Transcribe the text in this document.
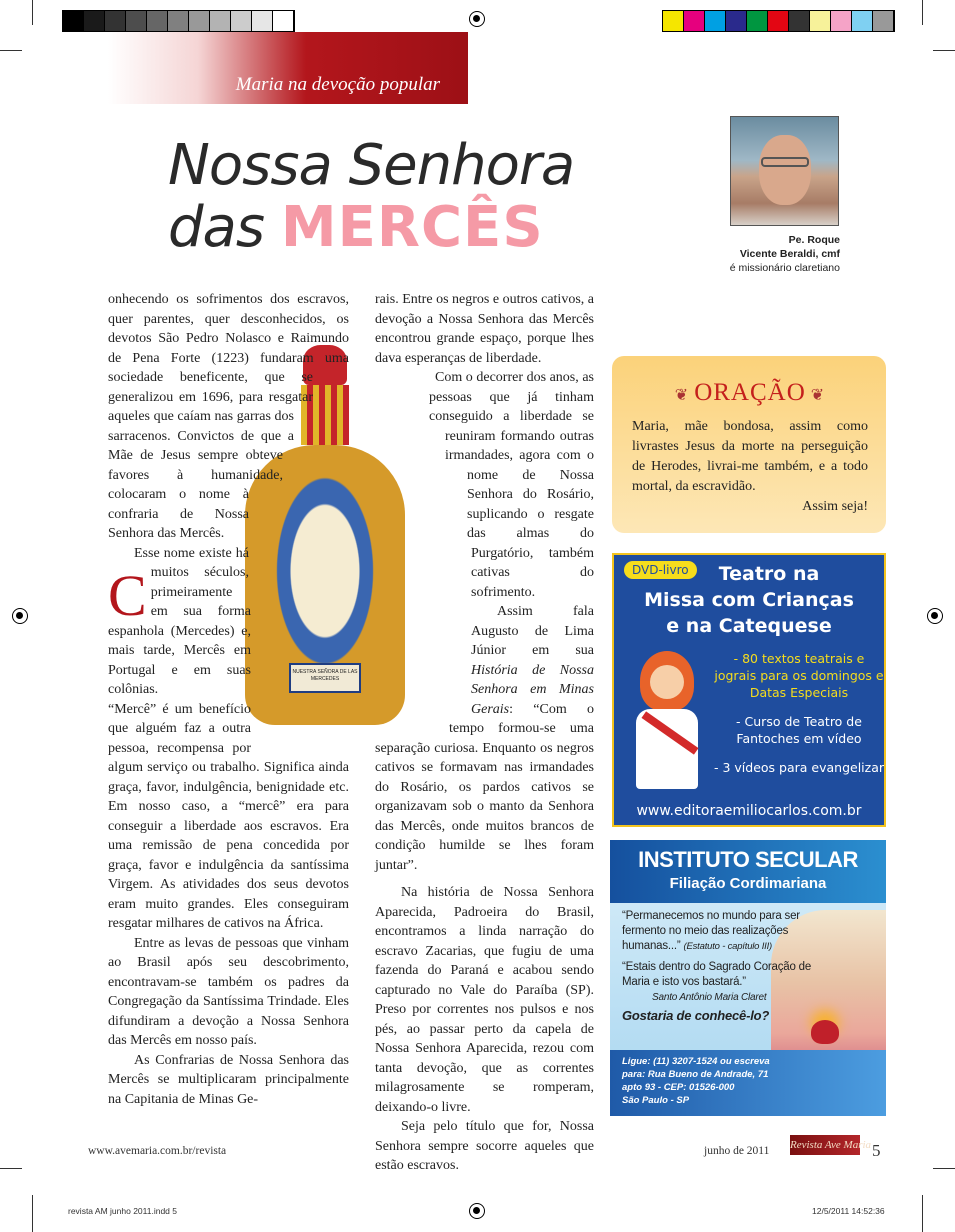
Maria na devoção popular
Nossa Senhora
das MERCÊS	Pe. Roque
Vicente Beraldi, cmf
é missionário claretiano
NUESTRA SEÑORA DE LAS MERCEDES

C
onhecendo os sofrimentos dos escravos, quer parentes, quer desconhecidos, os devotos São Pedro Nolasco e Raimundo de Pena Forte (1223) fundaram uma sociedade beneficente, que se generalizou em 1696, para resgatar aqueles que caíam nas garras dos sarracenos. Convictos de que a Mãe de Jesus sempre obteve favores à humanidade, colocaram o nome à confraria de Nossa Senhora das Mercês.

Esse nome existe há muitos séculos, primeiramente em sua forma espanhola (Mercedes) e, mais tarde, Mercês em Portugal e em suas colônias.

“Mercê” é um benefício que alguém faz a outra pessoa, recompensa por algum serviço ou trabalho. Significa ainda graça, favor, indulgência, benignidade etc. Em nosso caso, a “mercê” era para conseguir a liberdade aos escravos. Era uma remissão de pena concedida por graça, favor e indulgência da santíssima Virgem. As atividades dos seus devotos eram muito grandes. Eles conseguiram resgatar milhares de cativos na África.

Entre as levas de pessoas que vinham ao Brasil após seu descobrimento, encontravam-se também os padres da Congregação da Santíssima Trindade. Eles difundiram a devoção a Nossa Senhora das Mercês em nosso país.

As Confrarias de Nossa Senhora das Mercês se multiplicaram principalmente na Capitania de Minas Ge-

rais. Entre os negros e outros cativos, a devoção a Nossa Senhora das Mercês encontrou grande espaço, porque lhes dava esperanças de liberdade.

Com o decorrer dos anos, as pessoas que já tinham conseguido a liberdade se reuniram formando outras irmandades, agora com o nome de Nossa Senhora do Rosário, suplicando o resgate das almas do Purgatório, também cativas do sofrimento.

Assim fala Augusto de Lima Júnior em sua História de Nossa Senhora em Minas Gerais: “Com o tempo formou-se uma separação curiosa. Enquanto os negros cativos se formavam nas irmandades do Rosário, os pardos cativos se organizavam sob o manto da Senhora das Mercês, onde muitos brancos de condição humilde se lhes foram juntar”.

Na história de Nossa Senhora Aparecida, Padroeira do Brasil, encontramos a linda narração do escravo Zacarias, que fugiu de uma fazenda do Paraná e acabou sendo capturado no Vale do Paraíba (SP). Preso por correntes nos pulsos e nos pés, ao passar perto da capela de Nossa Senhora Aparecida, rezou com tanta devoção, que as correntes milagrosamente se romperam, deixando-o livre.

Seja pelo título que for, Nossa Senhora sempre socorre aqueles que estão escravos.

❦ ORAÇÃO ❦

Maria, mãe bondosa, assim como livrastes Jesus da morte na perseguição de Herodes, livrai-me também, e a todo mortal, da escravidão.

Assim seja!

DVD-livro	Teatro na
Missa com Crianças
e na Catequese
- 80 textos teatrais e jograis para os domingos e Datas Especiais
- Curso de Teatro de Fantoches em vídeo
- 3 vídeos para evangelizar
www.editoraemiliocarlos.com.br
INSTITUTO SECULAR
Filiação Cordimariana
“Permanecemos no mundo para ser fermento no meio das realizações humanas...” (Estatuto - capítulo III)
“Estais dentro do Sagrado Coração de Maria e isto vos bastará.”
Santo Antônio Maria Claret
Gostaria de conhecê-lo?
Ligue: (11) 3207-1524 ou escreva
para: Rua Bueno de Andrade, 71
apto 93 - CEP: 01526-000
São Paulo - SP
www.avemaria.com.br/revista	junho de 2011 Revista Ave Maria 5
revista AM junho 2011.indd 5	12/5/2011 14:52:36
